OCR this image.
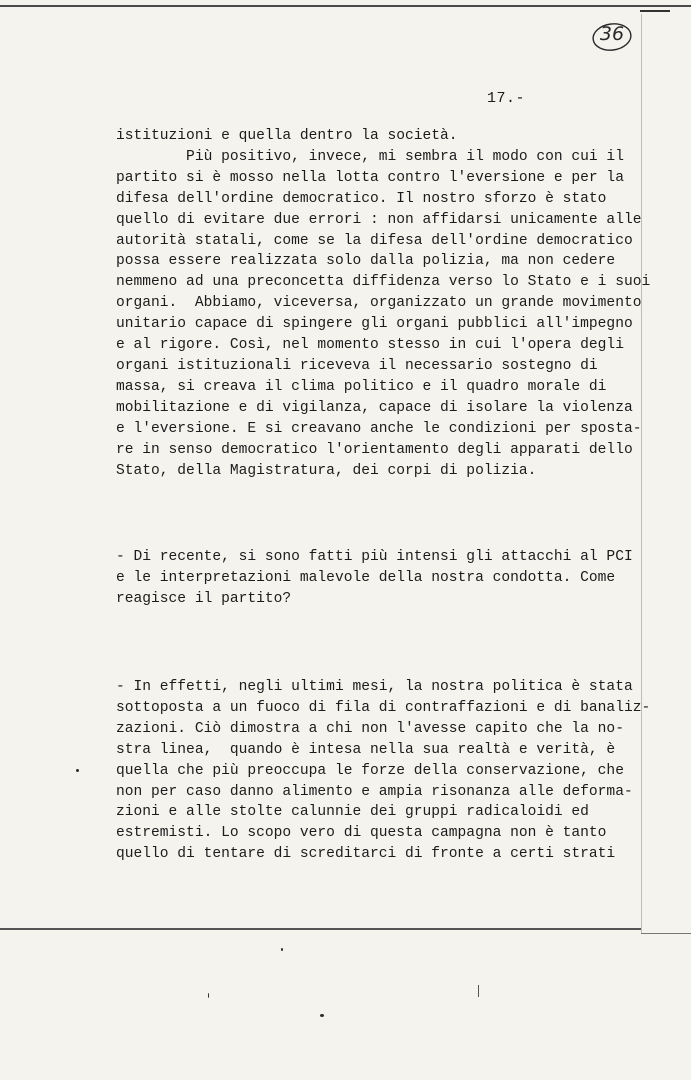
36
17.-

istituzioni e quella dentro la società.
Più positivo, invece, mi sembra il modo con cui il
partito si è mosso nella lotta contro l'eversione e per la
difesa dell'ordine democratico. Il nostro sforzo è stato
quello di evitare due errori : non affidarsi unicamente alle
autorità statali, come se la difesa dell'ordine democratico
possa essere realizzata solo dalla polizia, ma non cedere
nemmeno ad una preconcetta diffidenza verso lo Stato e i suoi
organi.  Abbiamo, viceversa, organizzato un grande movimento
unitario capace di spingere gli organi pubblici all'impegno
e al rigore. Così, nel momento stesso in cui l'opera degli
organi istituzionali riceveva il necessario sostegno di
massa, si creava il clima politico e il quadro morale di
mobilitazione e di vigilanza, capace di isolare la violenza
e l'eversione. E si creavano anche le condizioni per sposta-
re in senso democratico l'orientamento degli apparati dello
Stato, della Magistratura, dei corpi di polizia.

- Di recente, si sono fatti più intensi gli attacchi al PCI
e le interpretazioni malevole della nostra condotta. Come
reagisce il partito?

- In effetti, negli ultimi mesi, la nostra politica è stata
sottoposta a un fuoco di fila di contraffazioni e di banaliz-
zazioni. Ciò dimostra a chi non l'avesse capito che la no-
stra linea,  quando è intesa nella sua realtà e verità, è
quella che più preoccupa le forze della conservazione, che
non per caso danno alimento e ampia risonanza alle deforma-
zioni e alle stolte calunnie dei gruppi radicaloidi ed
estremisti. Lo scopo vero di questa campagna non è tanto
quello di tentare di screditarci di fronte a certi strati
